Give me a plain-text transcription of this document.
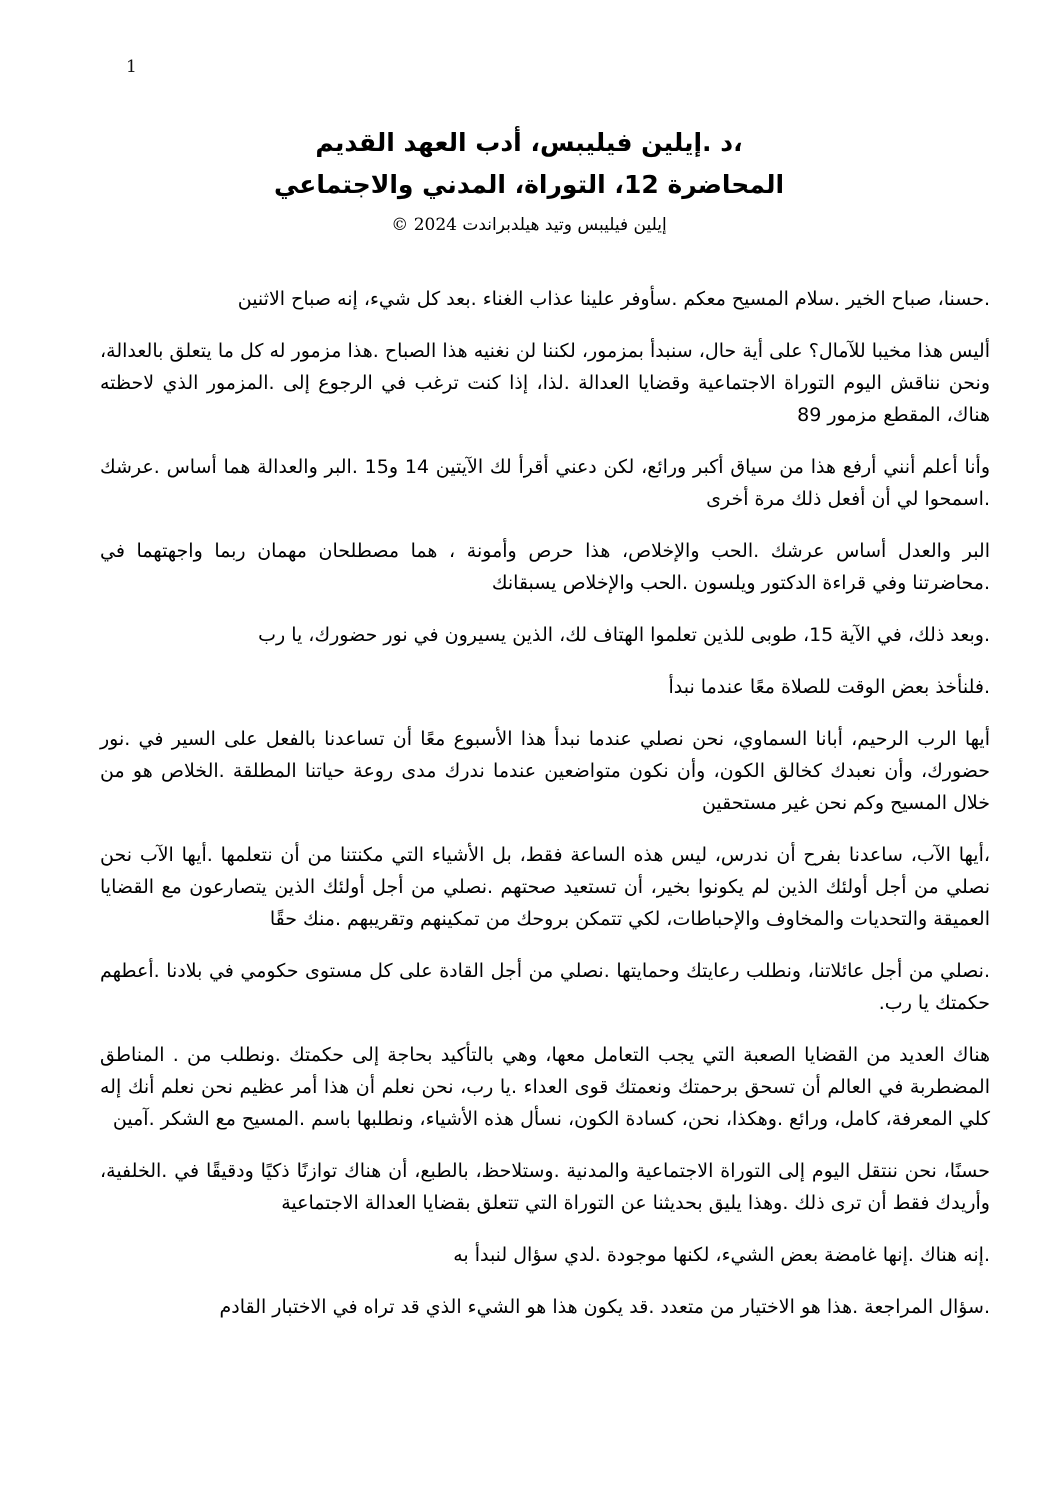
1
،د .إيلين فيليبس، أدب العهد القديم
المحاضرة 12، التوراة، المدني والاجتماعي
إيلين فيليبس وتيد هيلدبراندت 2024 ©

.حسنا، صباح الخير .سلام المسيح معكم .سأوفر علينا عذاب الغناء .بعد كل شيء، إنه صباح الاثنين

أليس هذا مخيبا للآمال؟ على أية حال، سنبدأ بمزمور، لكننا لن نغنيه هذا الصباح .هذا مزمور له كل ما يتعلق بالعدالة، ونحن نناقش اليوم التوراة الاجتماعية وقضايا العدالة .لذا، إذا كنت ترغب في الرجوع إلى .المزمور الذي لاحظته هناك، المقطع مزمور 89

وأنا أعلم أنني أرفع هذا من سياق أكبر ورائع، لكن دعني أقرأ لك الآيتين 14 و15 .البر والعدالة هما أساس .عرشك .اسمحوا لي أن أفعل ذلك مرة أخرى

البر والعدل أساس عرشك .الحب والإخلاص، هذا حرص وأمونة ، هما مصطلحان مهمان ربما واجهتهما في .محاضرتنا وفي قراءة الدكتور ويلسون .الحب والإخلاص يسبقانك

.وبعد ذلك، في الآية 15، طوبى للذين تعلموا الهتاف لك، الذين يسيرون في نور حضورك، يا رب

.فلنأخذ بعض الوقت للصلاة معًا عندما نبدأ

أيها الرب الرحيم، أبانا السماوي، نحن نصلي عندما نبدأ هذا الأسبوع معًا أن تساعدنا بالفعل على السير في .نور حضورك، وأن نعبدك كخالق الكون، وأن نكون متواضعين عندما ندرك مدى روعة حياتنا المطلقة .الخلاص هو من خلال المسيح وكم نحن غير مستحقين

،أيها الآب، ساعدنا بفرح أن ندرس، ليس هذه الساعة فقط، بل الأشياء التي مكنتنا من أن نتعلمها .أيها الآب نحن نصلي من أجل أولئك الذين لم يكونوا بخير، أن تستعيد صحتهم .نصلي من أجل أولئك الذين يتصارعون مع القضايا العميقة والتحديات والمخاوف والإحباطات، لكي تتمكن بروحك من تمكينهم وتقريبهم .منك حقًا

.نصلي من أجل عائلاتنا، ونطلب رعايتك وحمايتها .نصلي من أجل القادة على كل مستوى حكومي في بلادنا .أعطهم حكمتك يا رب.

هناك العديد من القضايا الصعبة التي يجب التعامل معها، وهي بالتأكيد بحاجة إلى حكمتك .ونطلب من . المناطق المضطربة في العالم أن تسحق برحمتك ونعمتك قوى العداء .يا رب، نحن نعلم أن هذا أمر عظيم نحن نعلم أنك إله كلي المعرفة، كامل، ورائع .وهكذا، نحن، كسادة الكون، نسأل هذه الأشياء، ونطلبها باسم .المسيح مع الشكر .آمين

حسنًا، نحن ننتقل اليوم إلى التوراة الاجتماعية والمدنية .وستلاحظ، بالطبع، أن هناك توازنًا ذكيًا ودقيقًا في .الخلفية، وأريدك فقط أن ترى ذلك .وهذا يليق بحديثنا عن التوراة التي تتعلق بقضايا العدالة الاجتماعية

.إنه هناك .إنها غامضة بعض الشيء، لكنها موجودة .لدي سؤال لنبدأ به

.سؤال المراجعة .هذا هو الاختيار من متعدد .قد يكون هذا هو الشيء الذي قد تراه في الاختبار القادم
